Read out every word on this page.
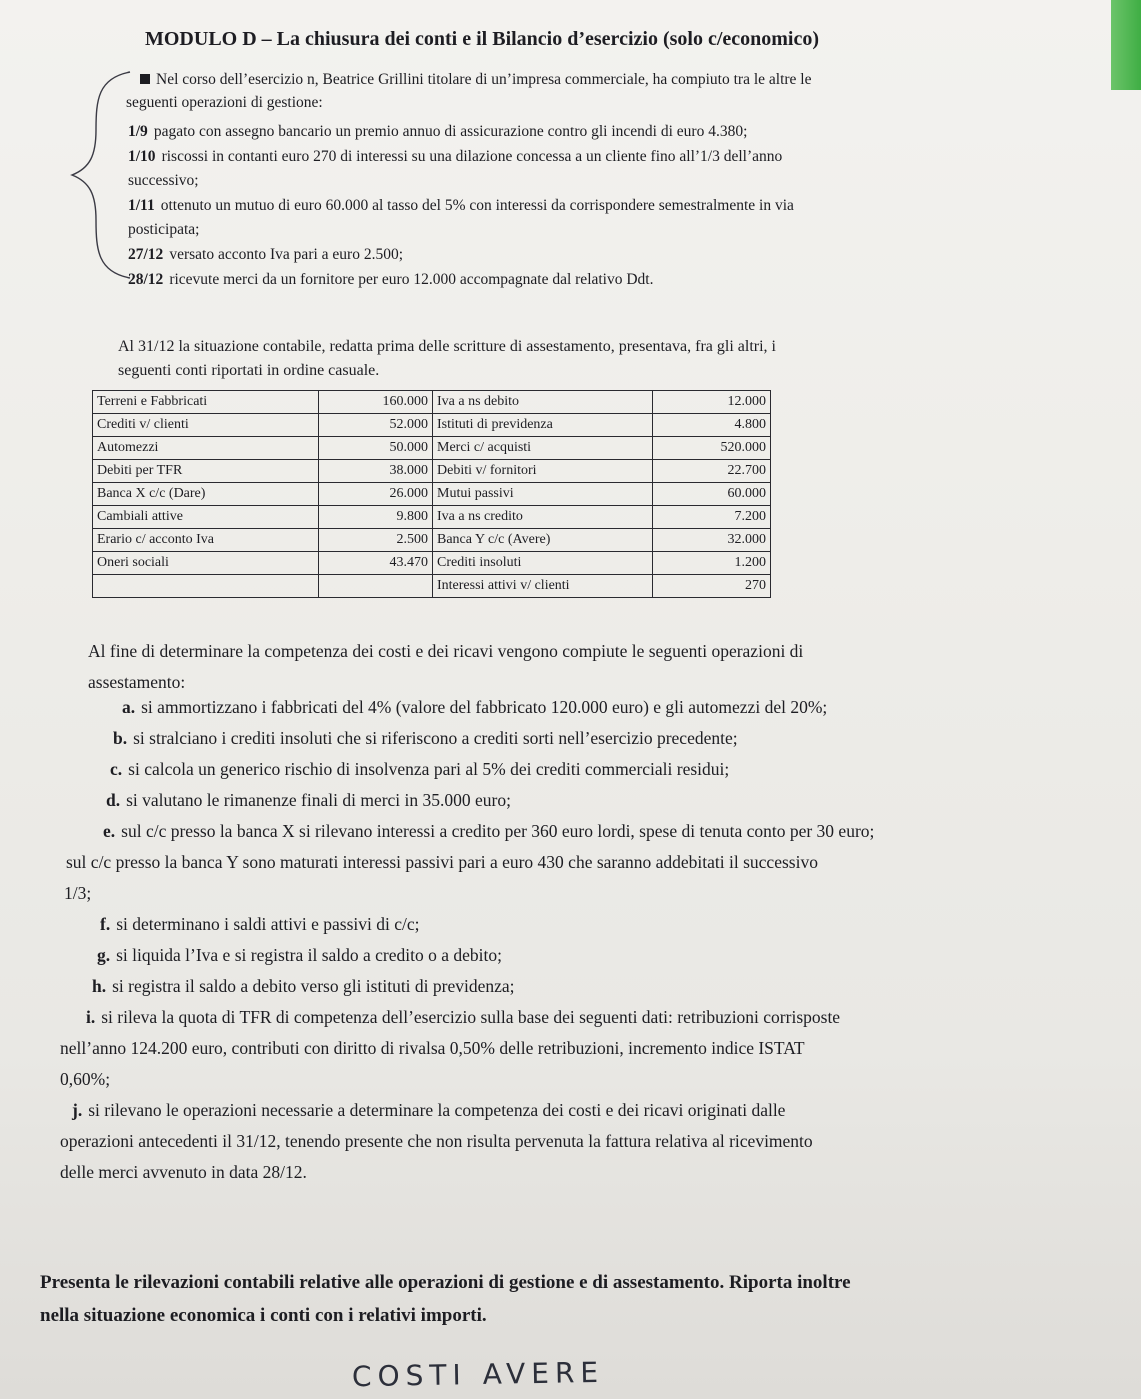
MODULO D – La chiusura dei conti e il Bilancio d’esercizio (solo c/economico)
Nel corso dell’esercizio n, Beatrice Grillini titolare di un’impresa commerciale, ha compiuto tra le altre le
seguenti operazioni di gestione:
1/9 pagato con assegno bancario un premio annuo di assicurazione contro gli incendi di euro 4.380;
1/10 riscossi in contanti euro 270 di interessi su una dilazione concessa a un cliente fino all’1/3 dell’anno
successivo;
1/11 ottenuto un mutuo di euro 60.000 al tasso del 5% con interessi da corrispondere semestralmente in via
posticipata;
27/12 versato acconto Iva pari a euro 2.500;
28/12 ricevute merci da un fornitore per euro 12.000 accompagnate dal relativo Ddt.
Al 31/12 la situazione contabile, redatta prima delle scritture di assestamento, presentava, fra gli altri, i
seguenti conti riportati in ordine casuale.
Terreni e Fabbricati	160.000	Iva a ns debito	12.000
Crediti v/ clienti	52.000	Istituti di previdenza	4.800
Automezzi	50.000	Merci c/ acquisti	520.000
Debiti per TFR	38.000	Debiti v/ fornitori	22.700
Banca X c/c (Dare)	26.000	Mutui passivi	60.000
Cambiali attive	9.800	Iva a ns credito	7.200
Erario c/ acconto Iva	2.500	Banca Y c/c (Avere)	32.000
Oneri sociali	43.470	Crediti insoluti	1.200
		Interessi attivi v/ clienti	270
Al fine di determinare la competenza dei costi e dei ricavi vengono compiute le seguenti operazioni di
assestamento:
a. si ammortizzano i fabbricati del 4% (valore del fabbricato 120.000 euro) e gli automezzi del 20%;
b. si stralciano i crediti insoluti che si riferiscono a crediti sorti nell’esercizio precedente;
c. si calcola un generico rischio di insolvenza pari al 5% dei crediti commerciali residui;
d. si valutano le rimanenze finali di merci in 35.000 euro;
e. sul c/c presso la banca X si rilevano interessi a credito per 360 euro lordi, spese di tenuta conto per 30 euro;
sul c/c presso la banca Y sono maturati interessi passivi pari a euro 430 che saranno addebitati il successivo
1/3;
f. si determinano i saldi attivi e passivi di c/c;
g. si liquida l’Iva e si registra il saldo a credito o a debito;
h. si registra il saldo a debito verso gli istituti di previdenza;
i. si rileva la quota di TFR di competenza dell’esercizio sulla base dei seguenti dati: retribuzioni corrisposte
nell’anno 124.200 euro, contributi con diritto di rivalsa 0,50% delle retribuzioni, incremento indice ISTAT
0,60%;
j. si rilevano le operazioni necessarie a determinare la competenza dei costi e dei ricavi originati dalle
operazioni antecedenti il 31/12, tenendo presente che non risulta pervenuta la fattura relativa al ricevimento
delle merci avvenuto in data 28/12.
Presenta le rilevazioni contabili relative alle operazioni di gestione e di assestamento. Riporta inoltre
nella situazione economica i conti con i relativi importi.
COSTI AVERE
